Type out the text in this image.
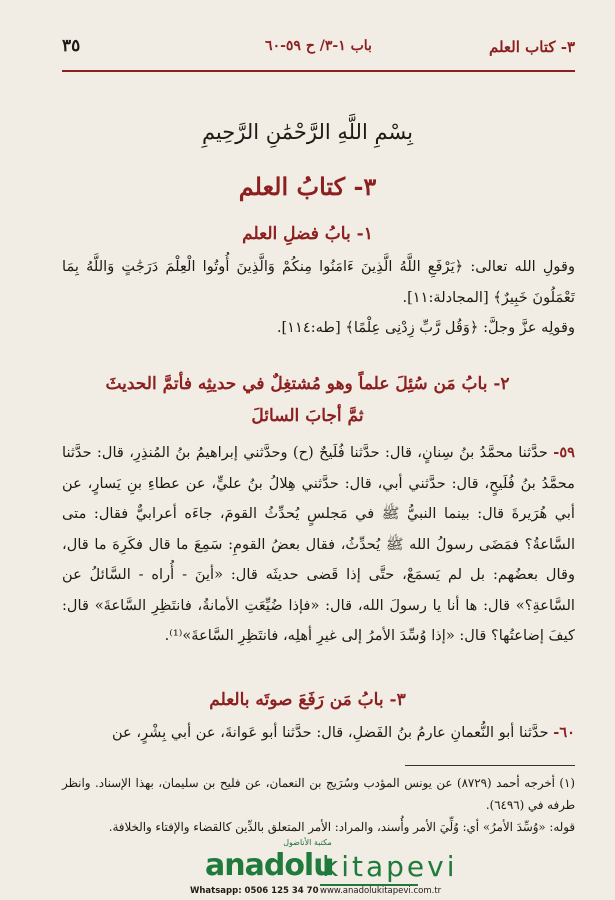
٣- كتاب العلم
باب ١-٣/ ح ٥٩-٦٠
٣٥
بِسْمِ اللَّهِ الرَّحْمَٰنِ الرَّحِيمِ
٣- كتابُ العلم
١- بابُ فضلِ العلم

وقولِ الله تعالى: ﴿يَرْفَعِ اللَّهُ الَّذِينَ ءَامَنُوا مِنكُمْ وَالَّذِينَ أُوتُوا الْعِلْمَ دَرَجَٰتٍ وَاللَّهُ بِمَا تَعْمَلُونَ خَبِيرٌ﴾ [المجادلة:١١].

وقولِه عزَّ وجلَّ: ﴿وَقُل رَّبِّ زِدْنِى عِلْمًا﴾ [طه:١١٤].

٢- بابُ مَن سُئِلَ علماً وهو مُشتغِلٌ في حديثِه فأتمَّ الحديثَ
ثمَّ أجابَ السائلَ

٥٩- حدَّثنا محمَّدُ بنُ سِنانٍ، قال: حدَّثنا فُلَيحٌ (ح) وحدَّثني إبراهيمُ بنُ المُنذِرِ، قال: حدَّثنا محمَّدُ بنُ فُلَيحٍ، قال: حدَّثني أبي، قال: حدَّثني هِلالُ بنُ عليٍّ، عن عطاءِ بنِ يَسارٍ، عن أبي هُرَيرةَ قال: بينما النبيُّ ﷺ في مَجلسٍ يُحدِّثُ القومَ، جاءَه أعرابيٌّ فقال: متى السَّاعةُ؟ فمَضَى رسولُ الله ﷺ يُحدِّثُ، فقال بعضُ القومِ: سَمِعَ ما قال فكَرِهَ ما قال، وقال بعضُهم: بل لم يَسمَعْ، حتَّى إذا قَضى حديثَه قال: «أينَ - أُراه - السَّائلُ عن السَّاعةِ؟» قال: ها أنا يا رسولَ الله، قال: «فإذا ضُيِّعَتِ الأمانةُ، فانتَظِرِ السَّاعةَ» قال: كيفَ إضاعتُها؟ قال: «إذا وُسِّدَ الأمرُ إلى غيرِ أهلِه، فانتَظِرِ السَّاعةَ»⁽¹⁾.

٣- بابُ مَن رَفَعَ صوتَه بالعلم

٦٠- حدَّثنا أبو النُّعمانِ عارمُ بنُ الفَضلِ، قال: حدَّثنا أبو عَوانةَ، عن أبي بِشْرٍ، عن

(١) أخرجه أحمد (٨٧٢٩) عن يونس المؤدب وسُرَيج بن النعمان، عن فليح بن سليمان، بهذا الإسناد. وانظر طرفه في (٦٤٩٦).

قوله: «وُسِّدَ الأمرُ» أي: وُلِّيَ الأمر وأُسند، والمراد: الأمر المتعلق بالدِّين كالقضاء والإفتاء والخلافة.

مكتبة الأناضول
anadolu
kitapevi
Whatsapp: 0506 125 34 70 www.anadolukitapevi.com.tr
